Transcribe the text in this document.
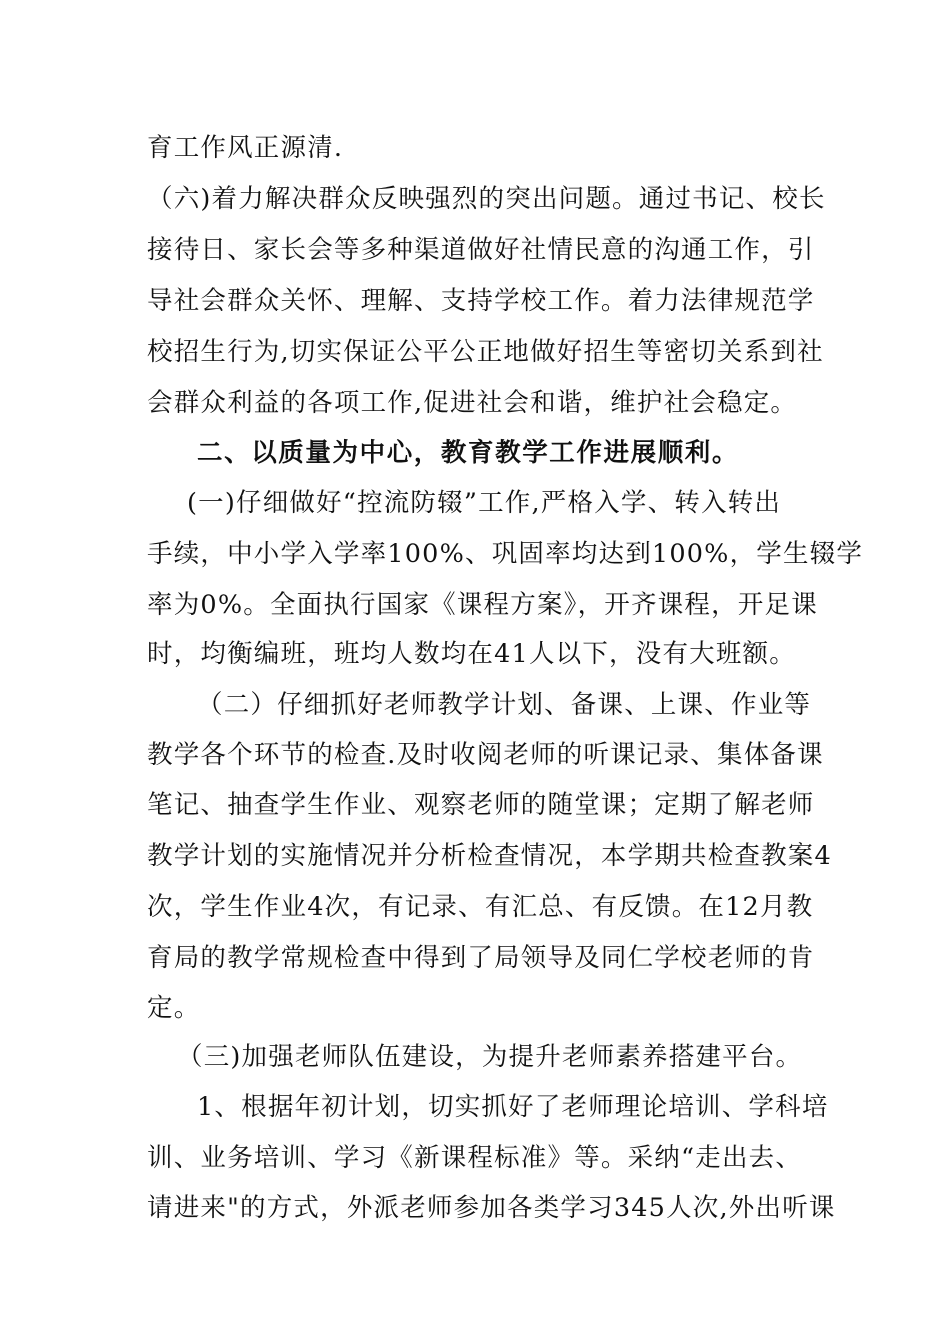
育工作风正源清.
（六)着力解决群众反映强烈的突出问题。通过书记、校长
接待日、家长会等多种渠道做好社情民意的沟通工作，引
导社会群众关怀、理解、支持学校工作。着力法律规范学
校招生行为,切实保证公平公正地做好招生等密切关系到社
会群众利益的各项工作,促进社会和谐，维护社会稳定。
二、以质量为中心，教育教学工作进展顺利。
(一)仔细做好“控流防辍”工作,严格入学、转入转出
手续，中小学入学率100%、巩固率均达到100%，学生辍学
率为0%。全面执行国家《课程方案》，开齐课程，开足课
时，均衡编班，班均人数均在41人以下，没有大班额。
（二）仔细抓好老师教学计划、备课、上课、作业等
教学各个环节的检查.及时收阅老师的听课记录、集体备课
笔记、抽查学生作业、观察老师的随堂课；定期了解老师
教学计划的实施情况并分析检查情况，本学期共检查教案4
次，学生作业4次，有记录、有汇总、有反馈。在12月教
育局的教学常规检查中得到了局领导及同仁学校老师的肯
定。
（三)加强老师队伍建设，为提升老师素养搭建平台。
1、根据年初计划，切实抓好了老师理论培训、学科培
训、业务培训、学习《新课程标准》等。采纳“走出去、
请进来"的方式，外派老师参加各类学习345人次,外出听课
